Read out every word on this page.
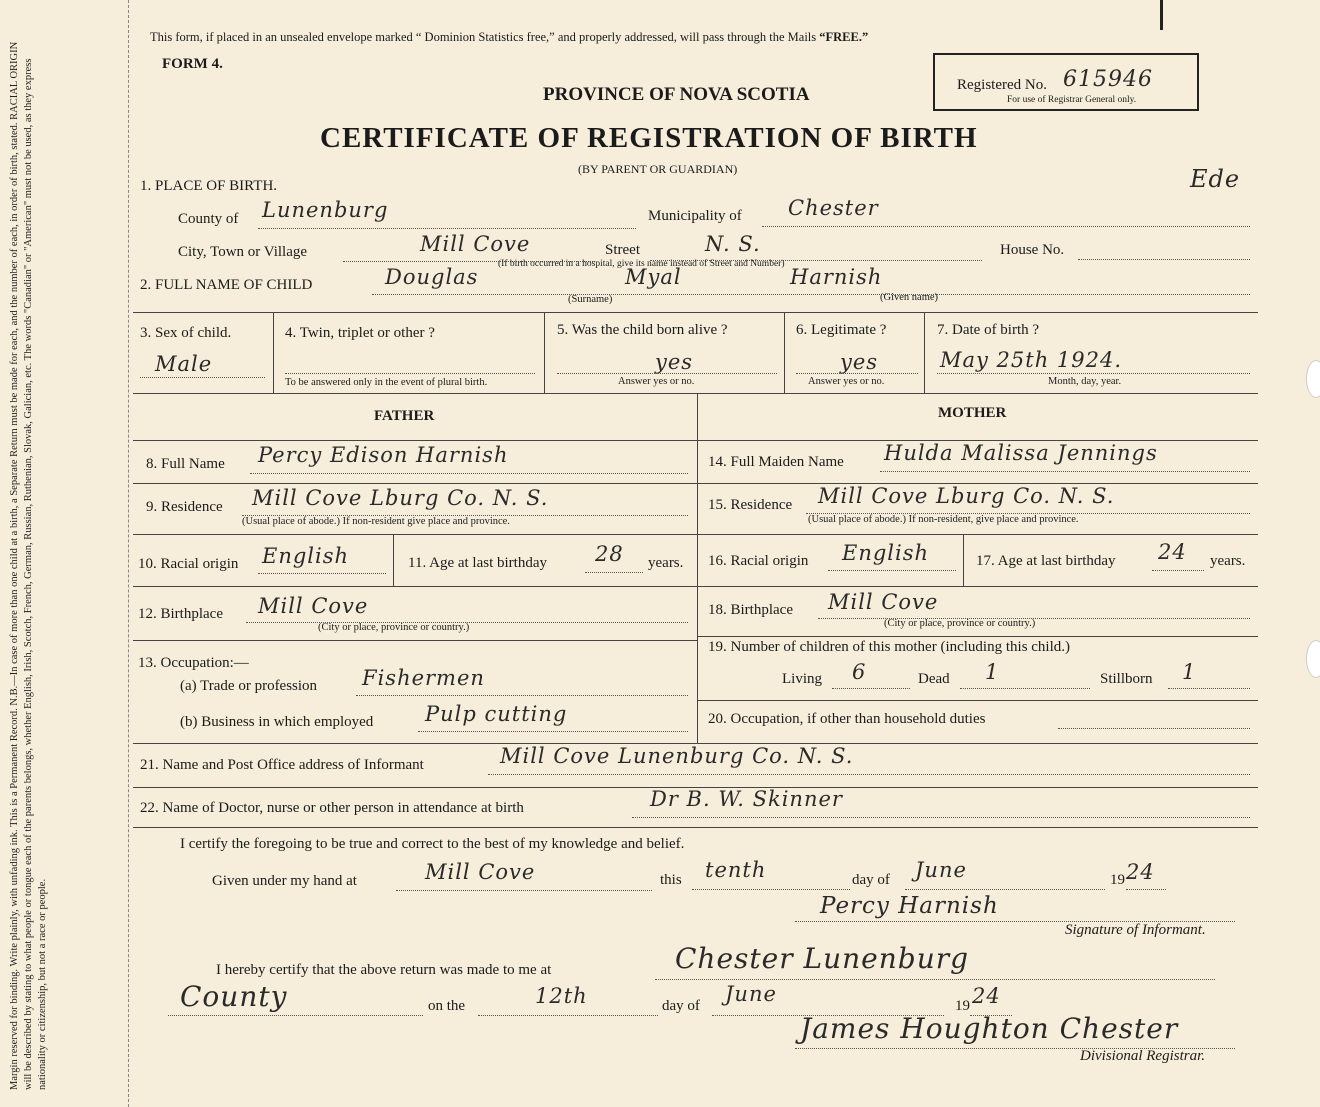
Margin reserved for binding. Write plainly, with unfading ink. This is a Permanent Record. N.B.—In case of more than one child at a birth, a Separate Return must be made for each, and the number of each, in order of birth, stated. RACIAL ORIGIN will be described by stating to what people or tongue each of the parents belongs, whether English, Irish, Scotch, French, German, Russian, Ruthenian, Slovak, Galician, etc. The words "Canadian" or "American" must not be used, as they express nationality or citizenship, but not a race or people.
This form, if placed in an unsealed envelope marked “ Dominion Statistics free,” and properly addressed, will pass through the Mails “FREE.”
FORM 4.
PROVINCE OF NOVA SCOTIA
CERTIFICATE OF REGISTRATION OF BIRTH
(BY PARENT OR GUARDIAN)
Registered No. 615946
For use of Registrar General only.
Ede
1. PLACE OF BIRTH.
County of Lunenburg	Municipality of Chester
City, Town or Village	Mill Cove	Street	N. S.	House No.
(If birth occurred in a hospital, give its name instead of Street and Number)
2. FULL NAME OF CHILD	Douglas	Myal	Harnish
(Surname)	(Given name)
3. Sex of child.
Male
4. Twin, triplet or other ?
To be answered only in the event of plural birth.
5. Was the child born alive ?
yes
Answer yes or no.
6. Legitimate ?
yes
Answer yes or no.
7. Date of birth ?
May 25th 1924.
Month, day, year.
FATHER	MOTHER
8. Full Name Percy Edison Harnish
9. Residence Mill Cove Lburg Co. N. S.
(Usual place of abode.) If non-resident give place and province.
10. Racial origin English	11. Age at last birthday 28 years.
12. Birthplace Mill Cove
(City or place, province or country.)
13. Occupation:—
(a) Trade or profession Fishermen
(b) Business in which employed Pulp cutting
14. Full Maiden Name Hulda Malissa Jennings
15. Residence Mill Cove Lburg Co. N. S.
(Usual place of abode.) If non-resident, give place and province.
16. Racial origin English	17. Age at last birthday 24 years.
18. Birthplace Mill Cove
(City or place, province or country.)
19. Number of children of this mother (including this child.)
Living 6	Dead 1	Stillborn 1
20. Occupation, if other than household duties
21. Name and Post Office address of Informant	Mill Cove Lunenburg Co. N. S.
22. Name of Doctor, nurse or other person in attendance at birth	Dr B. W. Skinner
I certify the foregoing to be true and correct to the best of my knowledge and belief.
Given under my hand at	Mill Cove	this tenth	day of June	19 24
Percy Harnish
Signature of Informant.
I hereby certify that the above return was made to me at	Chester Lunenburg
County	on the	12th	day of June	19 24
James Houghton Chester
Divisional Registrar.
